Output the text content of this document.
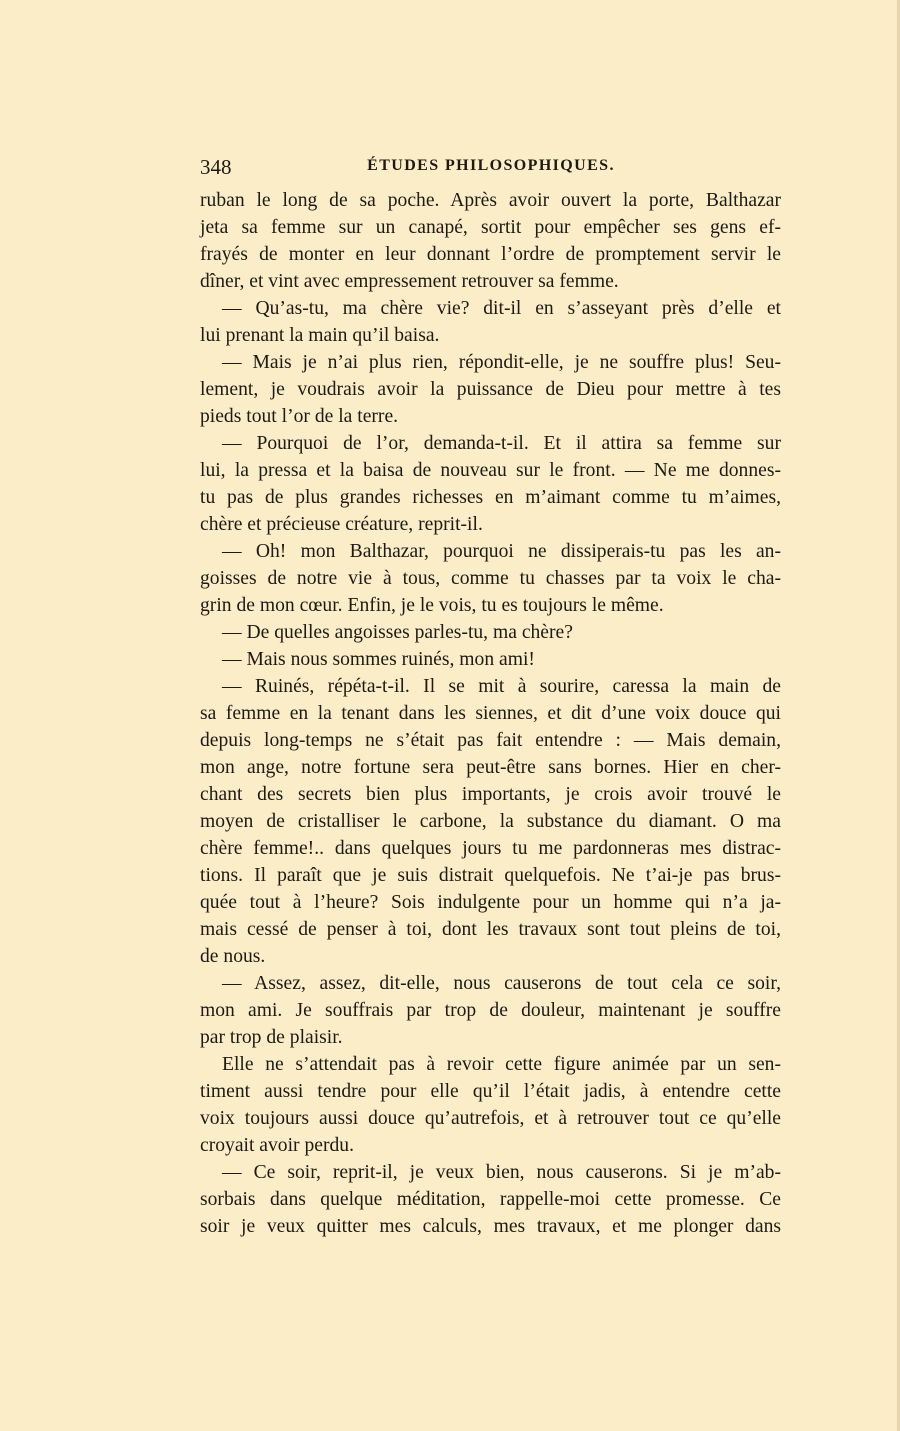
348	ÉTUDES PHILOSOPHIQUES.
ruban le long de sa poche. Après avoir ouvert la porte, Balthazar
jeta sa femme sur un canapé, sortit pour empêcher ses gens ef-
frayés de monter en leur donnant l’ordre de promptement servir le
dîner, et vint avec empressement retrouver sa femme.
— Qu’as-tu, ma chère vie? dit-il en s’asseyant près d’elle et
lui prenant la main qu’il baisa.
— Mais je n’ai plus rien, répondit-elle, je ne souffre plus! Seu-
lement, je voudrais avoir la puissance de Dieu pour mettre à tes
pieds tout l’or de la terre.
— Pourquoi de l’or, demanda-t-il. Et il attira sa femme sur
lui, la pressa et la baisa de nouveau sur le front. — Ne me donnes-
tu pas de plus grandes richesses en m’aimant comme tu m’aimes,
chère et précieuse créature, reprit-il.
— Oh! mon Balthazar, pourquoi ne dissiperais-tu pas les an-
goisses de notre vie à tous, comme tu chasses par ta voix le cha-
grin de mon cœur. Enfin, je le vois, tu es toujours le même.
— De quelles angoisses parles-tu, ma chère?
— Mais nous sommes ruinés, mon ami!
— Ruinés, répéta-t-il. Il se mit à sourire, caressa la main de
sa femme en la tenant dans les siennes, et dit d’une voix douce qui
depuis long-temps ne s’était pas fait entendre : — Mais demain,
mon ange, notre fortune sera peut-être sans bornes. Hier en cher-
chant des secrets bien plus importants, je crois avoir trouvé le
moyen de cristalliser le carbone, la substance du diamant. O ma
chère femme!.. dans quelques jours tu me pardonneras mes distrac-
tions. Il paraît que je suis distrait quelquefois. Ne t’ai-je pas brus-
quée tout à l’heure? Sois indulgente pour un homme qui n’a ja-
mais cessé de penser à toi, dont les travaux sont tout pleins de toi,
de nous.
— Assez, assez, dit-elle, nous causerons de tout cela ce soir,
mon ami. Je souffrais par trop de douleur, maintenant je souffre
par trop de plaisir.
Elle ne s’attendait pas à revoir cette figure animée par un sen-
timent aussi tendre pour elle qu’il l’était jadis, à entendre cette
voix toujours aussi douce qu’autrefois, et à retrouver tout ce qu’elle
croyait avoir perdu.
— Ce soir, reprit-il, je veux bien, nous causerons. Si je m’ab-
sorbais dans quelque méditation, rappelle-moi cette promesse. Ce
soir je veux quitter mes calculs, mes travaux, et me plonger dans
